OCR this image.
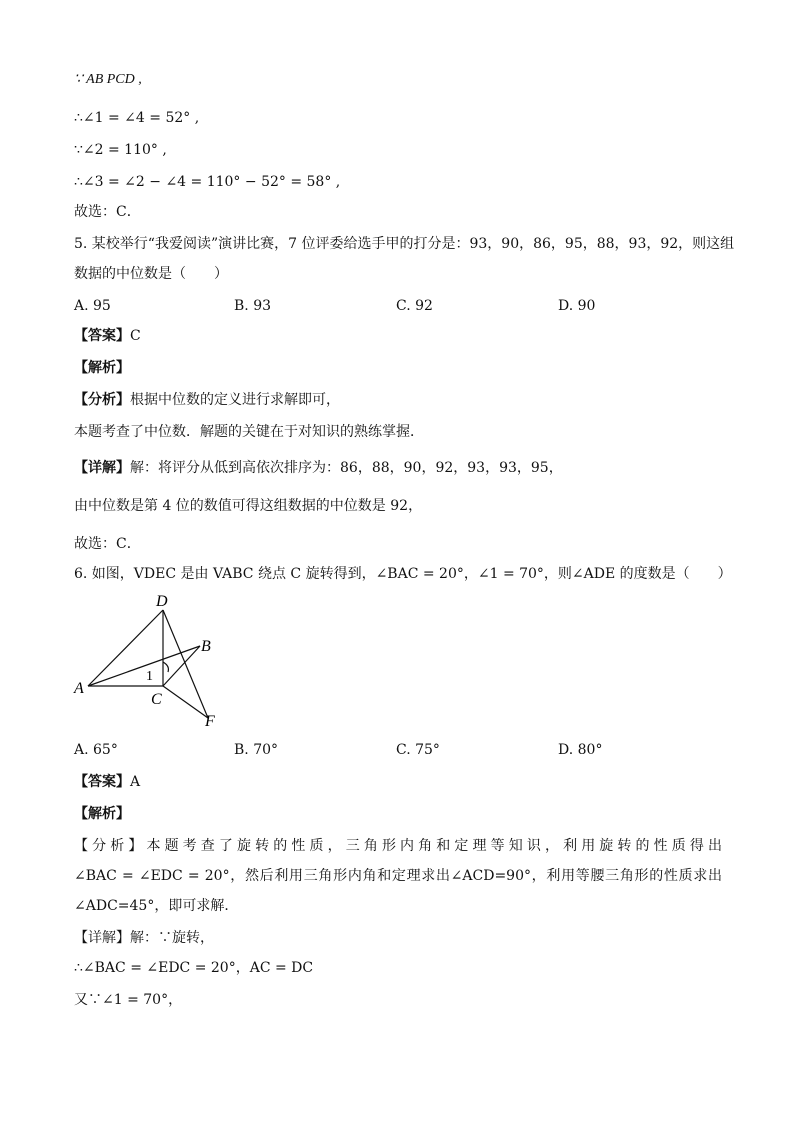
∵ AB PCD ,
∴∠1 = ∠4 = 52° ,
∵∠2 = 110° ,
∴∠3 = ∠2 − ∠4 = 110° − 52° = 58° ,
故选：C．
5. 某校举行“我爱阅读”演讲比赛，7 位评委给选手甲的打分是：93，90，86，95，88，93，92，则这组
数据的中位数是（　　）
A. 95	B. 93	C. 92	D. 90
【答案】C
【解析】
【分析】根据中位数的定义进行求解即可，
本题考查了中位数．解题的关键在于对知识的熟练掌握．
【详解】解：将评分从低到高依次排序为：86，88，90，92，93，93，95，
由中位数是第 4 位的数值可得这组数据的中位数是 92，
故选：C．
6. 如图，VDEC 是由 VABC 绕点 C 旋转得到，∠BAC = 20°，∠1 = 70°，则∠ADE 的度数是（　　）
D
B
A
C
F
1
A. 65°	B. 70°	C. 75°	D. 80°
【答案】A
【解析】
【分析】本题考查了旋转的性质，三角形内角和定理等知识，利用旋转的性质得出
∠BAC = ∠EDC = 20°，然后利用三角形内角和定理求出∠ACD=90°，利用等腰三角形的性质求出
∠ADC=45°，即可求解．
【详解】解：∵旋转，
∴∠BAC = ∠EDC = 20°，AC = DC
又∵∠1 = 70°，
